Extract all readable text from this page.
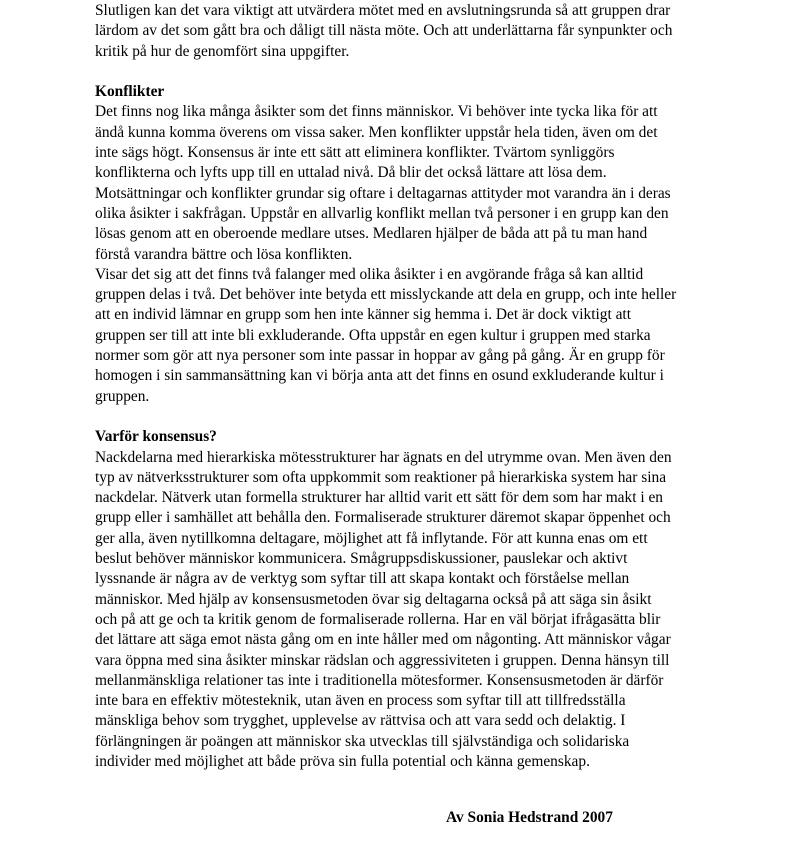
Slutligen kan det vara viktigt att utvärdera mötet med en avslutningsrunda så att gruppen drar
lärdom av det som gått bra och dåligt till nästa möte. Och att underlättarna får synpunkter och
kritik på hur de genomfört sina uppgifter.
Konflikter
Det finns nog lika många åsikter som det finns människor. Vi behöver inte tycka lika för att
ändå kunna komma överens om vissa saker. Men konflikter uppstår hela tiden, även om det
inte sägs högt. Konsensus är inte ett sätt att eliminera konflikter. Tvärtom synliggörs
konflikterna och lyfts upp till en uttalad nivå. Då blir det också lättare att lösa dem.
Motsättningar och konflikter grundar sig oftare i deltagarnas attityder mot varandra än i deras
olika åsikter i sakfrågan. Uppstår en allvarlig konflikt mellan två personer i en grupp kan den
lösas genom att en oberoende medlare utses. Medlaren hjälper de båda att på tu man hand
förstå varandra bättre och lösa konflikten.
Visar det sig att det finns två falanger med olika åsikter i en avgörande fråga så kan alltid
gruppen delas i två. Det behöver inte betyda ett misslyckande att dela en grupp, och inte heller
att en individ lämnar en grupp som hen inte känner sig hemma i. Det är dock viktigt att
gruppen ser till att inte bli exkluderande. Ofta uppstår en egen kultur i gruppen med starka
normer som gör att nya personer som inte passar in hoppar av gång på gång. Är en grupp för
homogen i sin sammansättning kan vi börja anta att det finns en osund exkluderande kultur i
gruppen.
Varför konsensus?
Nackdelarna med hierarkiska mötesstrukturer har ägnats en del utrymme ovan. Men även den
typ av nätverksstrukturer som ofta uppkommit som reaktioner på hierarkiska system har sina
nackdelar. Nätverk utan formella strukturer har alltid varit ett sätt för dem som har makt i en
grupp eller i samhället att behålla den. Formaliserade strukturer däremot skapar öppenhet och
ger alla, även nytillkomna deltagare, möjlighet att få inflytande. För att kunna enas om ett
beslut behöver människor kommunicera. Smågruppsdiskussioner, pauslekar och aktivt
lyssnande är några av de verktyg som syftar till att skapa kontakt och förståelse mellan
människor. Med hjälp av konsensusmetoden övar sig deltagarna också på att säga sin åsikt
och på att ge och ta kritik genom de formaliserade rollerna. Har en väl börjat ifrågasätta blir
det lättare att säga emot nästa gång om en inte håller med om någonting. Att människor vågar
vara öppna med sina åsikter minskar rädslan och aggressiviteten i gruppen. Denna hänsyn till
mellanmänskliga relationer tas inte i traditionella mötesformer. Konsensusmetoden är därför
inte bara en effektiv mötesteknik, utan även en process som syftar till att tillfredsställa
mänskliga behov som trygghet, upplevelse av rättvisa och att vara sedd och delaktig. I
förlängningen är poängen att människor ska utvecklas till självständiga och solidariska
individer med möjlighet att både pröva sin fulla potential och känna gemenskap.
Av Sonia Hedstrand 2007
